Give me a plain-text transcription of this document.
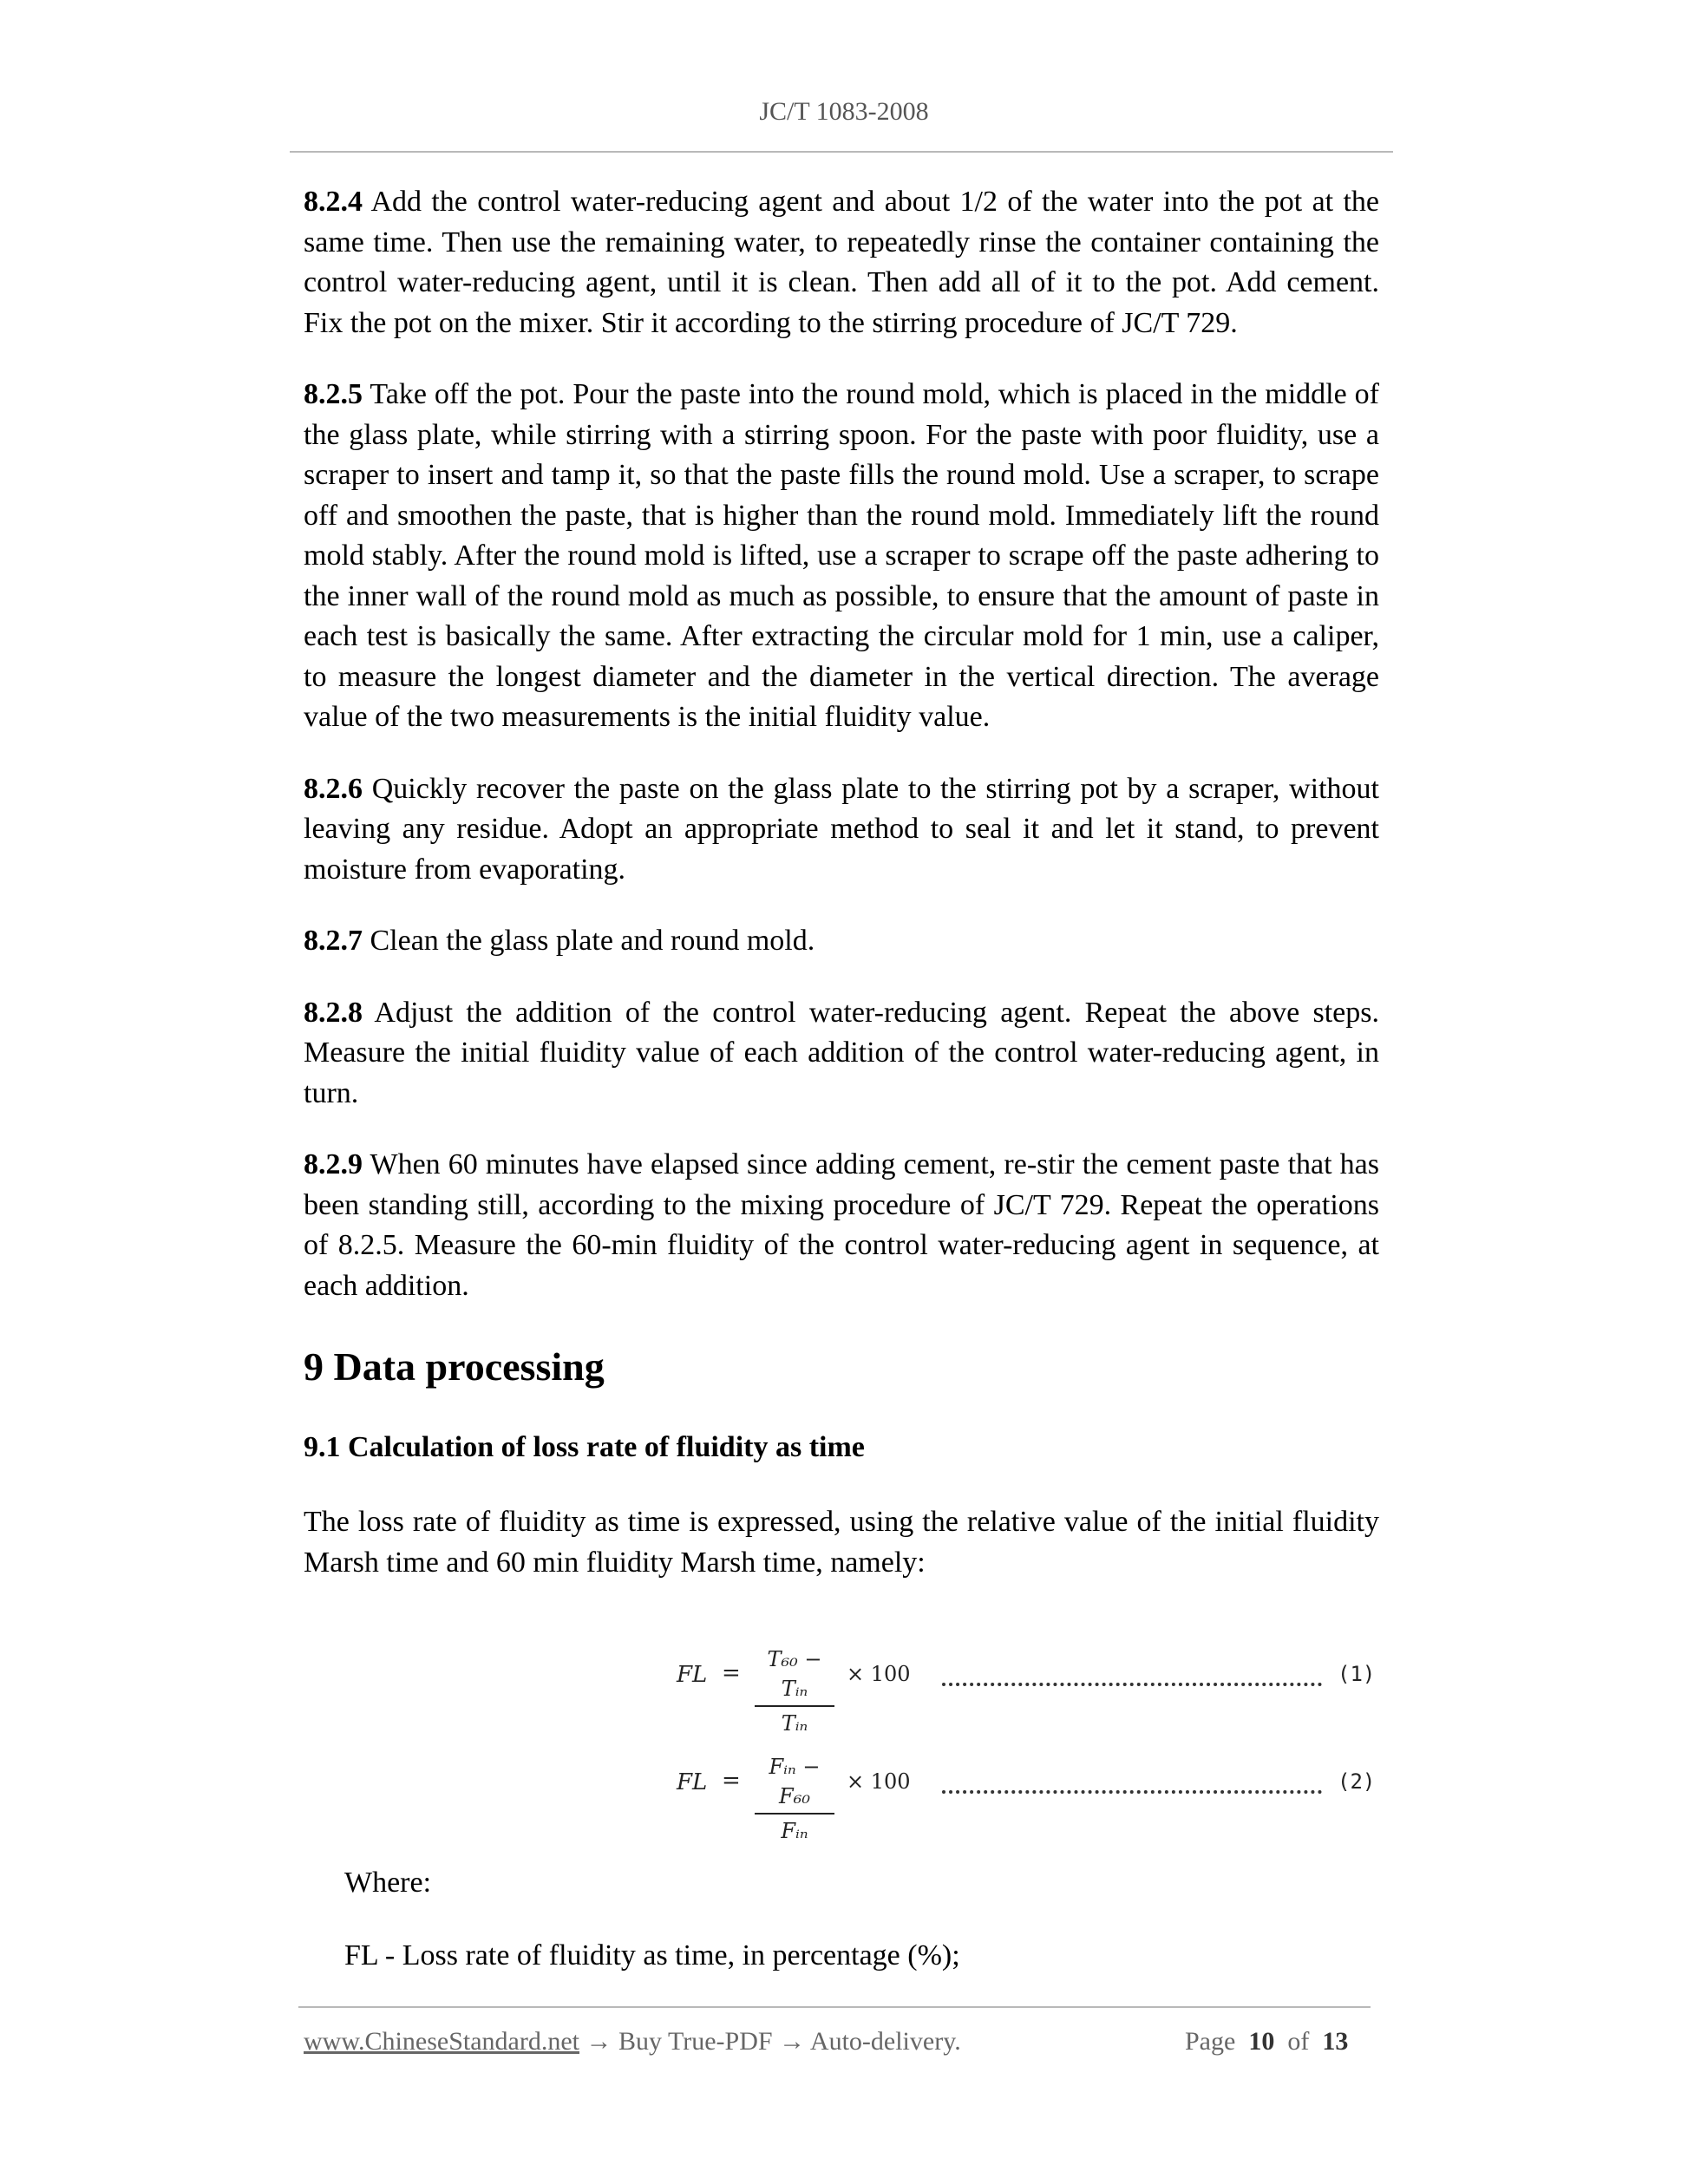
JC/T 1083-2008

8.2.4 Add the control water-reducing agent and about 1/2 of the water into the pot at the same time. Then use the remaining water, to repeatedly rinse the container containing the control water-reducing agent, until it is clean. Then add all of it to the pot. Add cement. Fix the pot on the mixer. Stir it according to the stirring procedure of JC/T 729.

8.2.5 Take off the pot. Pour the paste into the round mold, which is placed in the middle of the glass plate, while stirring with a stirring spoon. For the paste with poor fluidity, use a scraper to insert and tamp it, so that the paste fills the round mold. Use a scraper, to scrape off and smoothen the paste, that is higher than the round mold. Immediately lift the round mold stably. After the round mold is lifted, use a scraper to scrape off the paste adhering to the inner wall of the round mold as much as possible, to ensure that the amount of paste in each test is basically the same. After extracting the circular mold for 1 min, use a caliper, to measure the longest diameter and the diameter in the vertical direction. The average value of the two measurements is the initial fluidity value.

8.2.6 Quickly recover the paste on the glass plate to the stirring pot by a scraper, without leaving any residue. Adopt an appropriate method to seal it and let it stand, to prevent moisture from evaporating.

8.2.7 Clean the glass plate and round mold.

8.2.8 Adjust the addition of the control water-reducing agent. Repeat the above steps. Measure the initial fluidity value of each addition of the control water-reducing agent, in turn.

8.2.9 When 60 minutes have elapsed since adding cement, re-stir the cement paste that has been standing still, according to the mixing procedure of JC/T 729. Repeat the operations of 8.2.5. Measure the 60-min fluidity of the control water-reducing agent in sequence, at each addition.

9 Data processing
9.1 Calculation of loss rate of fluidity as time

The loss rate of fluidity as time is expressed, using the relative value of the initial fluidity Marsh time and 60 min fluidity Marsh time, namely:

FL =
T₆₀ − Tᵢₙ
Tᵢₙ
× 100	(1)
FL =
Fᵢₙ − F₆₀
Fᵢₙ
× 100	(2)

Where:

FL - Loss rate of fluidity as time, in percentage (%);

www.ChineseStandard.net → Buy True-PDF → Auto-delivery.	Page 10 of 13
